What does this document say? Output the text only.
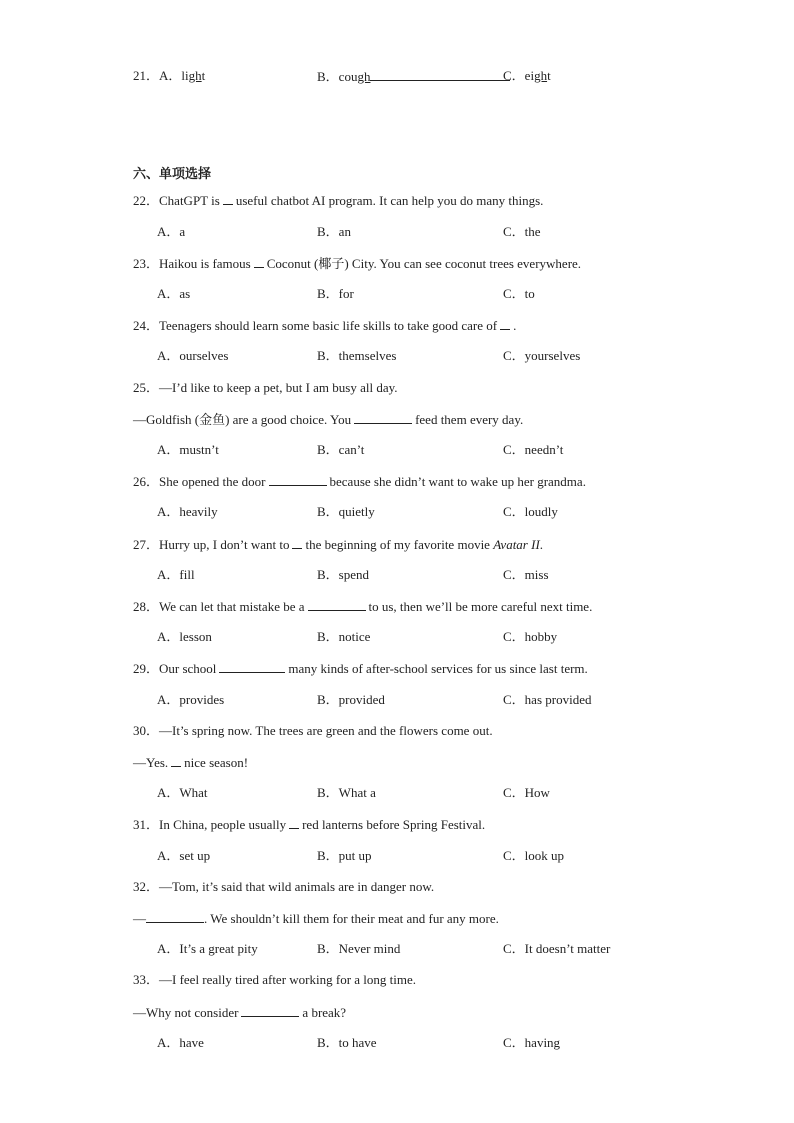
21．A．light	B．cough	C．eight
六、单项选择
22．ChatGPT is useful chatbot AI program. It can help you do many things.
A．a	B．an	C．the
23．Haikou is famous Coconut (椰子) City. You can see coconut trees everywhere.
A．as	B．for	C．to
24．Teenagers should learn some basic life skills to take good care of .
A．ourselves	B．themselves	C．yourselves
25．—I’d like to keep a pet, but I am busy all day.
—Goldfish (金鱼) are a good choice. You	feed them every day.
A．mustn’t	B．can’t	C．needn’t
26．She opened the door	because she didn’t want to wake up her grandma.
A．heavily	B．quietly	C．loudly
27．Hurry up, I don’t want to the beginning of my favorite movie Avatar II.
A．fill	B．spend	C．miss
28．We can let that mistake be a	to us, then we’ll be more careful next time.
A．lesson	B．notice	C．hobby
29．Our school	many kinds of after-school services for us since last term.
A．provides	B．provided	C．has provided
30．—It’s spring now. The trees are green and the flowers come out.
—Yes. nice season!
A．What	B．What a	C．How
31．In China, people usually red lanterns before Spring Festival.
A．set up	B．put up	C．look up
32．—Tom, it’s said that wild animals are in danger now.
—	. We shouldn’t kill them for their meat and fur any more.
A．It’s a great pity	B．Never mind	C．It doesn’t matter
33．—I feel really tired after working for a long time.
—Why not consider	a break?
A．have	B．to have	C．having
